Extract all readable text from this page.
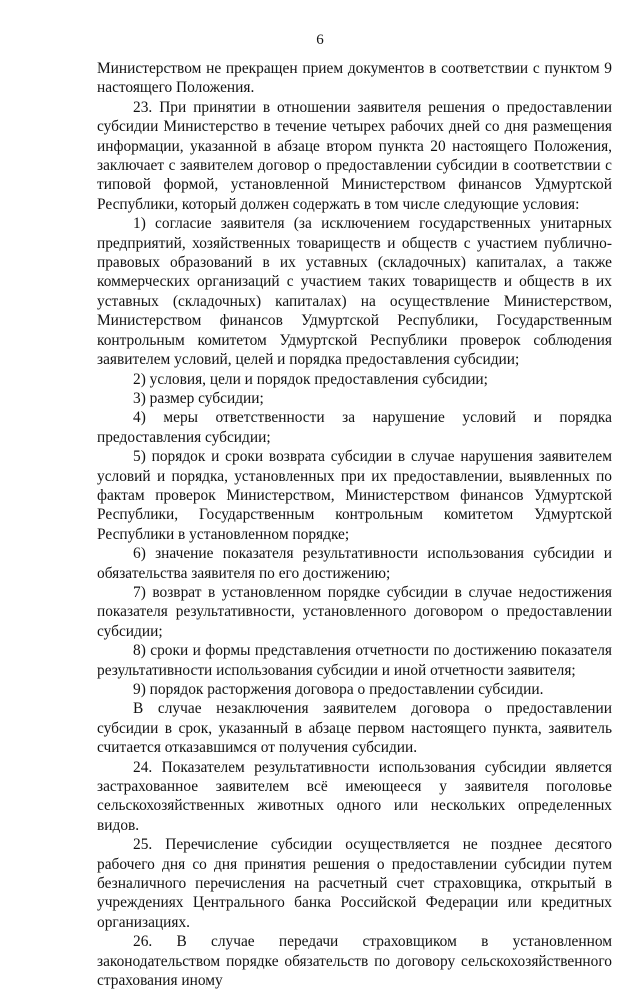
6

Министерством не прекращен прием документов в соответствии с пунктом 9 настоящего Положения.

23. При принятии в отношении заявителя решения о предоставлении субсидии Министерство в течение четырех рабочих дней со дня размещения информации, указанной в абзаце втором пункта 20 настоящего Положения, заключает с заявителем договор о предоставлении субсидии в соответствии с типовой формой, установленной Министерством финансов Удмуртской Республики, который должен содержать в том числе следующие условия:

1) согласие заявителя (за исключением государственных унитарных предприятий, хозяйственных товариществ и обществ с участием публично-правовых образований в их уставных (складочных) капиталах, а также коммерческих организаций с участием таких товариществ и обществ в их уставных (складочных) капиталах) на осуществление Министерством, Министерством финансов Удмуртской Республики, Государственным контрольным комитетом Удмуртской Республики проверок соблюдения заявителем условий, целей и порядка предоставления субсидии;

2) условия, цели и порядок предоставления субсидии;

3) размер субсидии;

4) меры ответственности за нарушение условий и порядка предоставления субсидии;

5) порядок и сроки возврата субсидии в случае нарушения заявителем условий и порядка, установленных при их предоставлении, выявленных по фактам проверок Министерством, Министерством финансов Удмуртской Республики, Государственным контрольным комитетом Удмуртской Республики в установленном порядке;

6) значение показателя результативности использования субсидии и обязательства заявителя по его достижению;

7) возврат в установленном порядке субсидии в случае недостижения показателя результативности, установленного договором о предоставлении субсидии;

8) сроки и формы представления отчетности по достижению показателя результативности использования субсидии и иной отчетности заявителя;

9) порядок расторжения договора о предоставлении субсидии.

В случае незаключения заявителем договора о предоставлении субсидии в срок, указанный в абзаце первом настоящего пункта, заявитель считается отказавшимся от получения субсидии.

24. Показателем результативности использования субсидии является застрахованное заявителем всё имеющееся у заявителя поголовье сельскохозяйственных животных одного или нескольких определенных видов.

25. Перечисление субсидии осуществляется не позднее десятого рабочего дня со дня принятия решения о предоставлении субсидии путем безналичного перечисления на расчетный счет страховщика, открытый в учреждениях Центрального банка Российской Федерации или кредитных организациях.

26. В случае передачи страховщиком в установленном законодательством порядке обязательств по договору сельскохозяйственного страхования иному
